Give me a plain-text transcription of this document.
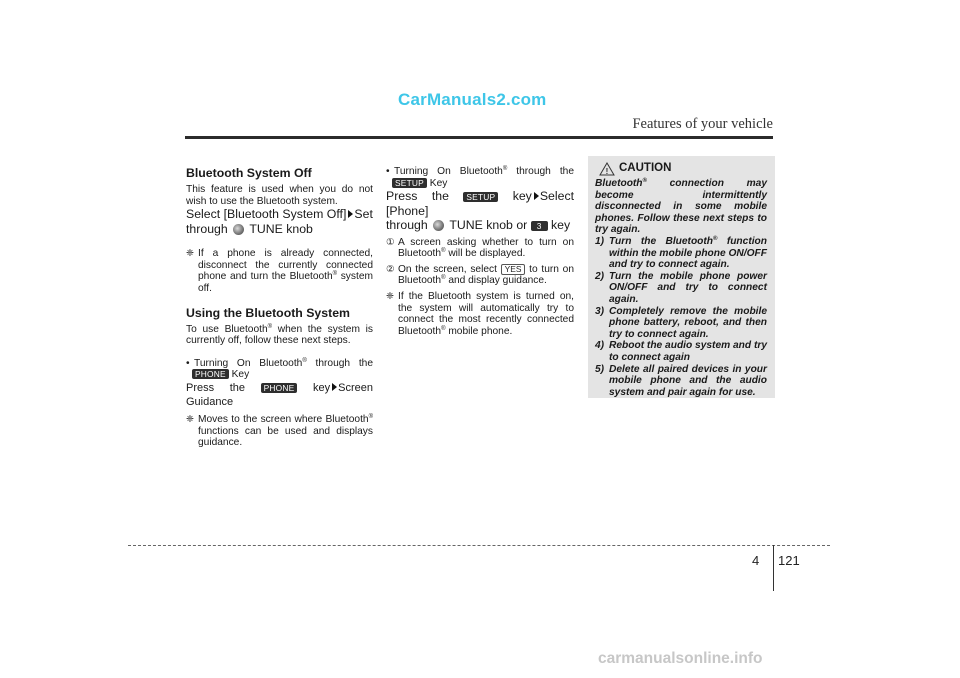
CarManuals2.com
Features of your vehicle
Bluetooth System Off

This feature is used when you do not wish to use the Bluetooth system.

Select [Bluetooth System Off] Set

through TUNE knob

❈ If a phone is already connected, disconnect the currently connected phone and turn the Bluetooth® system off.
Using the Bluetooth System

To use Bluetooth® when the system is currently off, follow these next steps.

• Turning On Bluetooth® through the
PHONE Key

Press the PHONE key Screen Guidance

❈ Moves to the screen where Bluetooth® functions can be used and displays guidance.
• Turning On Bluetooth® through the
SETUP Key

Press the SETUP key Select [Phone]

through TUNE knob or 3 key

① A screen asking whether to turn on Bluetooth® will be displayed.
② On the screen, select YES to turn on Bluetooth® and display guidance.
❈ If the Bluetooth system is turned on, the system will automatically try to connect the most recently connected Bluetooth® mobile phone.
! CAUTION

Bluetooth® connection may become intermittently disconnected in some mobile phones. Follow these next steps to try again.

1) Turn the Bluetooth® function within the mobile phone ON/OFF and try to connect again.
2) Turn the mobile phone power ON/OFF and try to connect again.
3) Completely remove the mobile phone battery, reboot, and then try to connect again.
4) Reboot the audio system and try to connect again
5) Delete all paired devices in your mobile phone and the audio system and pair again for use.
4 121
carmanualsonline.info
